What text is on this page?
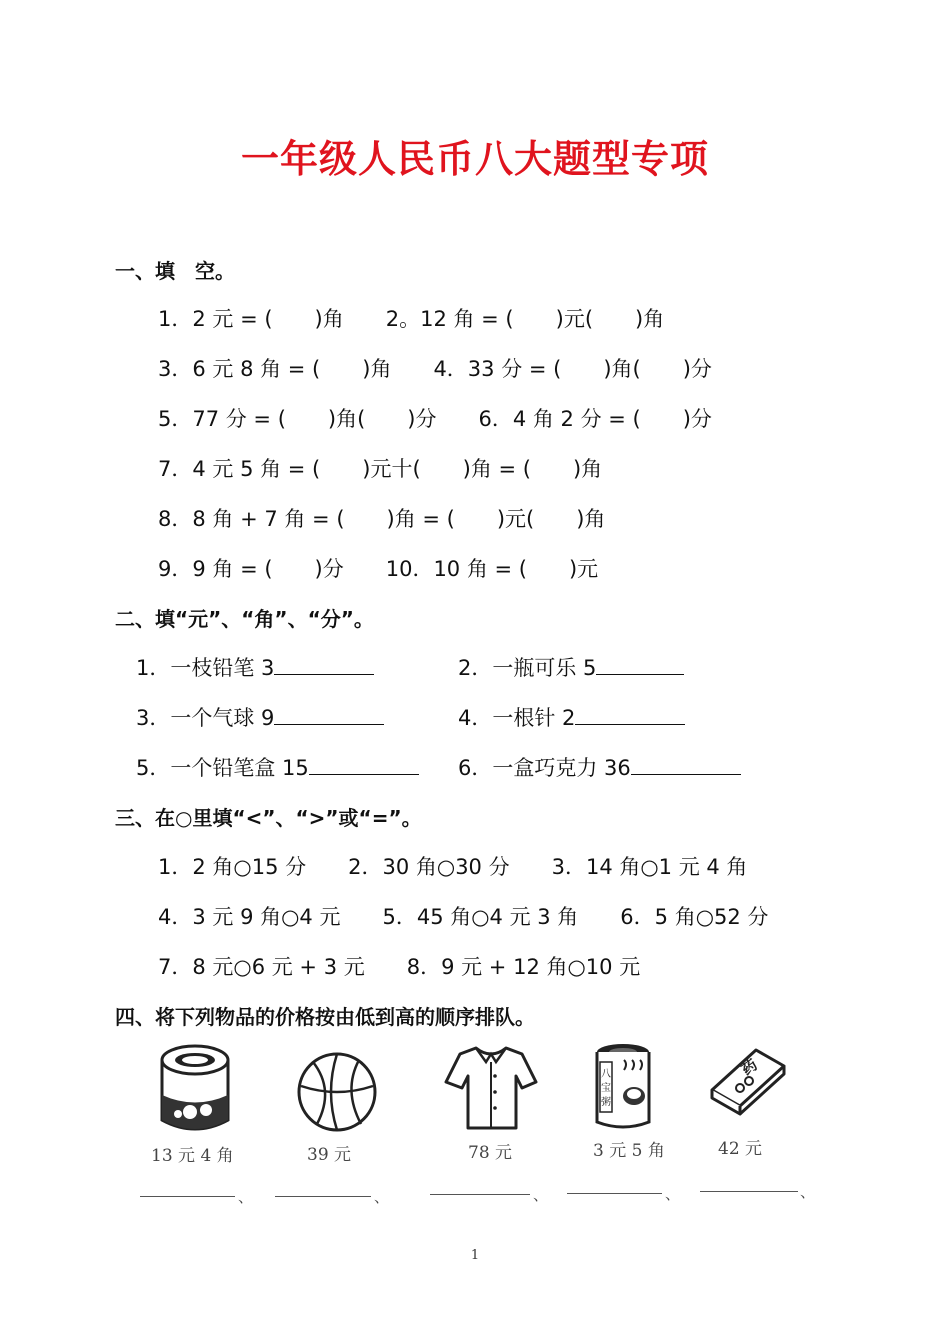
一年级人民币八大题型专项
一、填　空。
1．2 元 = (　　)角　　2。12 角 = (　　)元(　　)角
3．6 元 8 角 = (　　)角　　4．33 分 = (　　)角(　　)分
5．77 分 = (　　)角(　　)分　　6．4 角 2 分 = (　　)分
7．4 元 5 角 = (　　)元十(　　)角 = (　　)角
8．8 角 + 7 角 = (　　)角 = (　　)元(　　)角
9．9 角 = (　　)分　　10．10 角 = (　　)元
二、填“元”、“角”、“分”。
1．一枝铅笔 3	2．一瓶可乐 5
3．一个气球 9	4．一根针 2
5．一个铅笔盒 15	6．一盒巧克力 36
三、在○里填“<”、“>”或“=”。
1．2 角○15 分　　2．30 角○30 分　　3．14 角○1 元 4 角
4．3 元 9 角○4 元　　5．45 角○4 元 3 角　　6．5 角○52 分
7．8 元○6 元 + 3 元　　8．9 元 + 12 角○10 元
四、将下列物品的价格按由低到高的顺序排队。
13 元 4 角	39 元	78 元
八
宝
粥
3 元 5 角
药
42 元
、	、	、	、	、
1
